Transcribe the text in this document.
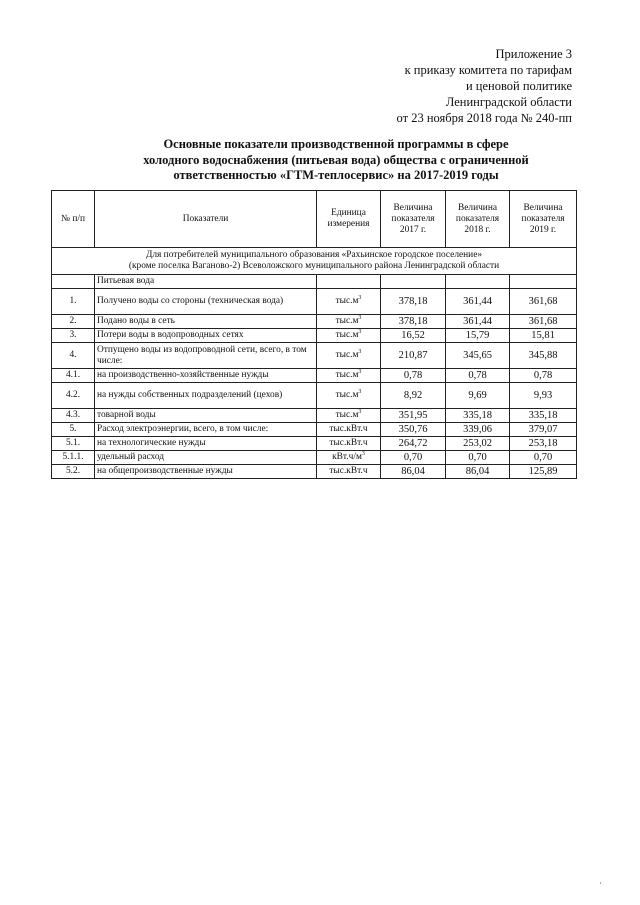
Приложение 3
к приказу комитета по тарифам
и ценовой политике
Ленинградской области
от 23 ноября 2018 года № 240-пп
Основные показатели производственной программы в сфере
холодного водоснабжения (питьевая вода) общества с ограниченной
ответственностью «ГТМ-теплосервис» на 2017-2019 годы
№ п/п	Показатели	Единица измерения	Величина показателя 2017 г.	Величина показателя 2018 г.	Величина показателя 2019 г.

Для потребителей муниципального образования «Рахьинское городское поселение»
(кроме поселка Ваганово-2) Всеволожского муниципального района Ленинградской области					

	Питьевая вода				
1.	Получено воды со стороны (техническая вода)	$тыс.м^3$	378,18	361,44	361,68
2.	Подано воды в сеть	$тыс.м^3$	378,18	361,44	361,68
3.	Потери воды в водопроводных сетях	$тыс.м^3$	16,52	15,79	15,81
4.	Отпущено воды из водопроводной сети, всего, в том числе:	$тыс.м^3$	210,87	345,65	345,88
4.1.	на производственно-хозяйственные нужды	$тыс.м^3$	0,78	0,78	0,78
4.2.	на нужды собственных подразделений (цехов)	$тыс.м^3$	8,92	9,69	9,93
4.3.	товарной воды	$тыс.м^3$	351,95	335,18	335,18
5.	Расход электроэнергии, всего, в том числе:	тыс.кВт.ч	350,76	339,06	379,07
5.1.	на технологические нужды	тыс.кВт.ч	264,72	253,02	253,18
5.1.1.	удельный расход	$кВт.ч/м^3$	0,70	0,70	0,70
5.2.	на общепроизводственные нужды	тыс.кВт.ч	86,04	86,04	125,89
·
